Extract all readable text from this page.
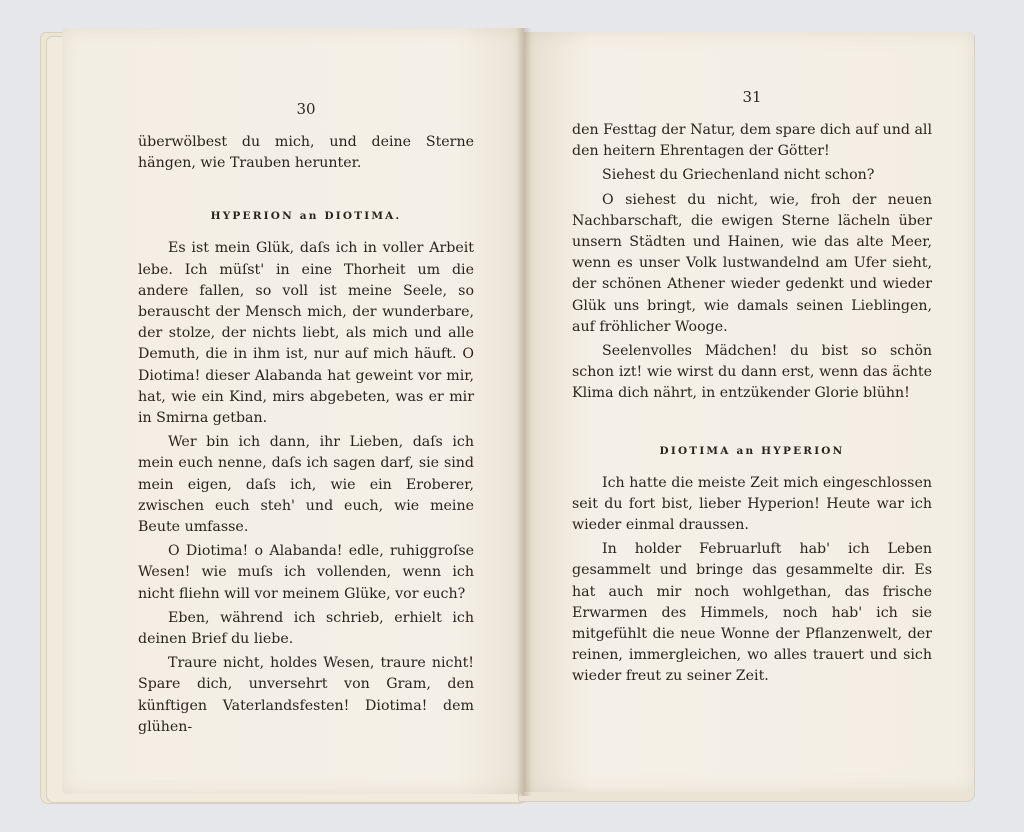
30

überwölbest du mich, und deine Sterne hängen, wie Trauben herunter.

HYPERION an DIOTIMA.

Es ist mein Glük, daſs ich in voller Arbeit lebe. Ich müſst' in eine Thorheit um die andere fallen, so voll ist meine Seele, so berauscht der Mensch mich, der wunderbare, der stolze, der nichts liebt, als mich und alle Demuth, die in ihm ist, nur auf mich häuft. O Diotima! dieser Alabanda hat geweint vor mir, hat, wie ein Kind, mirs abgebeten, was er mir in Smirna getban.

Wer bin ich dann, ihr Lieben, daſs ich mein euch nenne, daſs ich sagen darf, sie sind mein eigen, daſs ich, wie ein Eroberer, zwischen euch steh' und euch, wie meine Beute umfasse.

O Diotima! o Alabanda! edle, ruhiggroſse Wesen! wie muſs ich vollenden, wenn ich nicht fliehn will vor meinem Glüke, vor euch?

Eben, während ich schrieb, erhielt ich deinen Brief du liebe.

Traure nicht, holdes Wesen, traure nicht! Spare dich, unversehrt von Gram, den künftigen Vaterlandsfesten! Diotima! dem glühen-

31

den Festtag der Natur, dem spare dich auf und all den heitern Ehrentagen der Götter!

Siehest du Griechenland nicht schon?

O siehest du nicht, wie, froh der neuen Nachbarschaft, die ewigen Sterne lächeln über unsern Städten und Hainen, wie das alte Meer, wenn es unser Volk lustwandelnd am Ufer sieht, der schönen Athener wieder gedenkt und wieder Glük uns bringt, wie damals seinen Lieblingen, auf fröhlicher Wooge.

Seelenvolles Mädchen! du bist so schön schon izt! wie wirst du dann erst, wenn das ächte Klima dich nährt, in entzükender Glorie blühn!

DIOTIMA an HYPERION

Ich hatte die meiste Zeit mich eingeschlossen seit du fort bist, lieber Hyperion! Heute war ich wieder einmal draussen.

In holder Februarluft hab' ich Leben gesammelt und bringe das gesammelte dir. Es hat auch mir noch wohlgethan, das frische Erwarmen des Himmels, noch hab' ich sie mitgefühlt die neue Wonne der Pflanzenwelt, der reinen, immergleichen, wo alles trauert und sich wieder freut zu seiner Zeit.
